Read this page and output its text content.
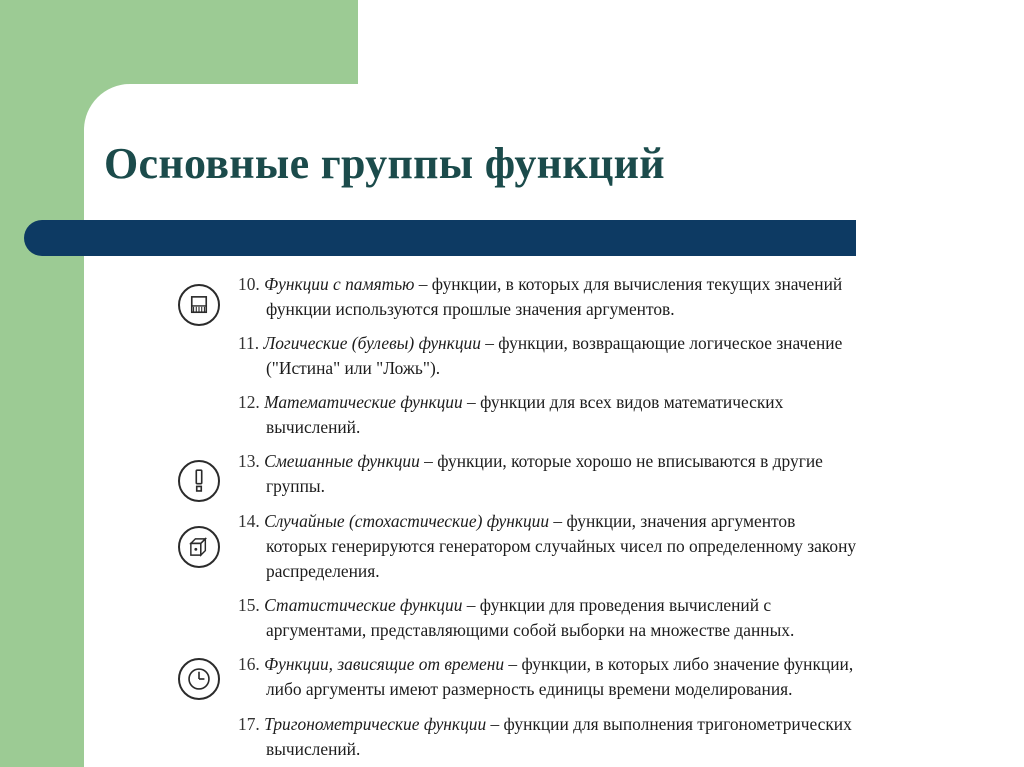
Основные группы функций
10. Функции с памятью – функции, в которых для вычисления текущих значений
функции используются прошлые значения аргументов.
11. Логические (булевы) функции – функции, возвращающие логическое значение
("Истина" или "Ложь").
12. Математические функции – функции для всех видов математических
вычислений.
13. Смешанные функции – функции, которые хорошо не вписываются в другие
группы.
14. Случайные (стохастические) функции – функции, значения аргументов
которых генерируются генератором случайных чисел по определенному закону
распределения.
15. Статистические функции – функции для проведения вычислений с
аргументами, представляющими собой выборки на множестве данных.
16. Функции, зависящие от времени – функции, в которых либо значение функции,
либо аргументы имеют размерность единицы времени моделирования.
17. Тригонометрические функции – функции для выполнения тригонометрических
вычислений.
